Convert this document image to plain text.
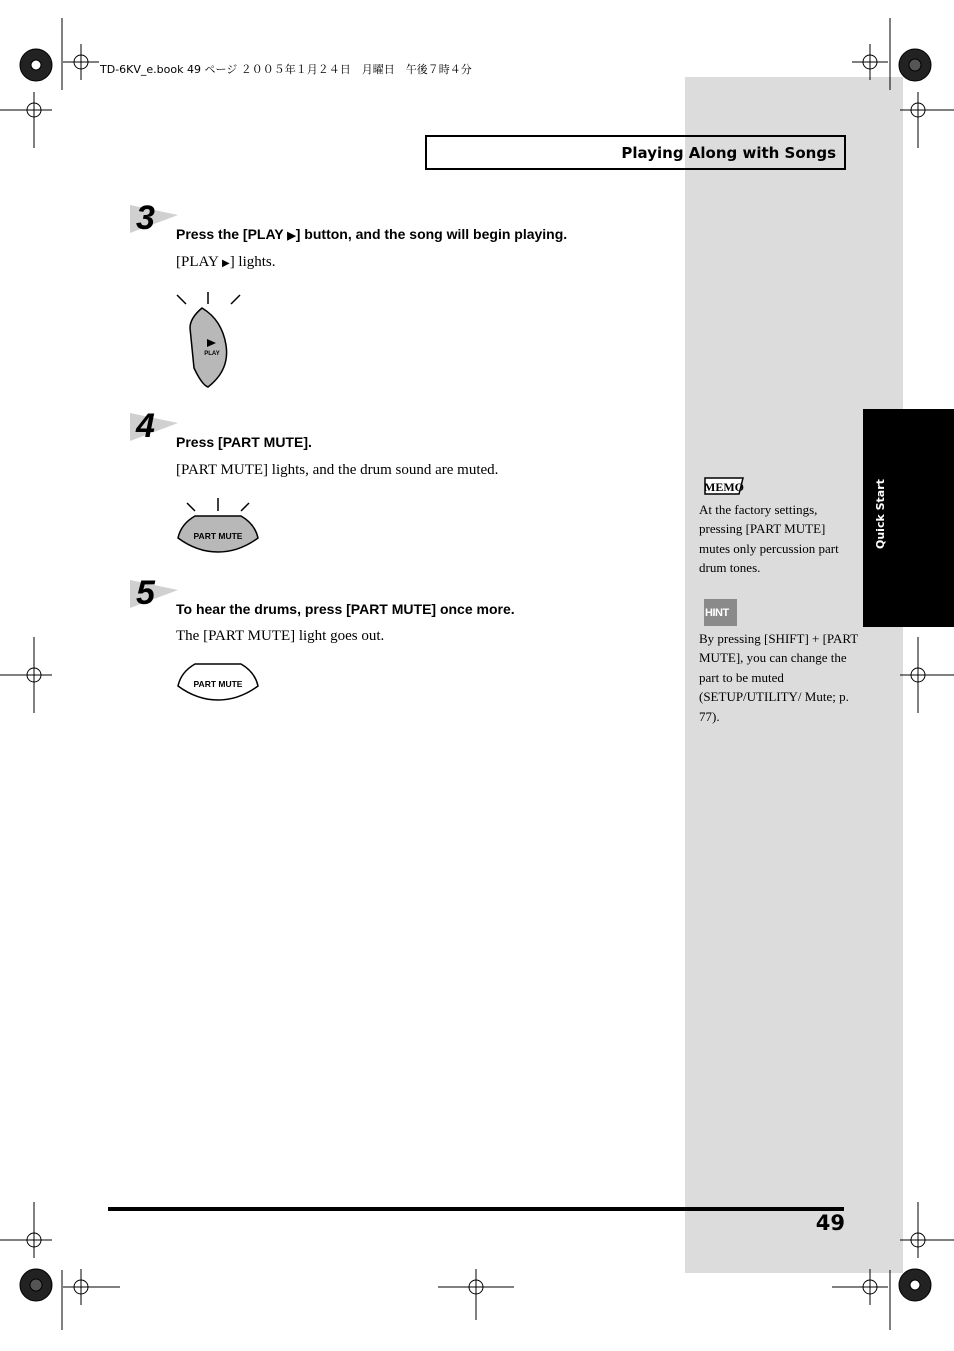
Quick Start
TD-6KV_e.book 49 ページ ２００５年１月２４日　月曜日　午後７時４分
Playing Along with Songs
3 Press the [PLAY ▶] button, and the song will begin playing.
[PLAY ▶] lights.
PLAY
4 Press [PART MUTE].
[PART MUTE] lights, and the drum sound are muted.
PART MUTE
5 To hear the drums, press [PART MUTE] once more.
The [PART MUTE] light goes out.
PART MUTE
MEMO
At the factory settings, pressing [PART MUTE] mutes only percussion part drum tones.
HINT
By pressing [SHIFT] + [PART MUTE], you can change the part to be muted (SETUP/UTILITY/ Mute; p. 77).
49
